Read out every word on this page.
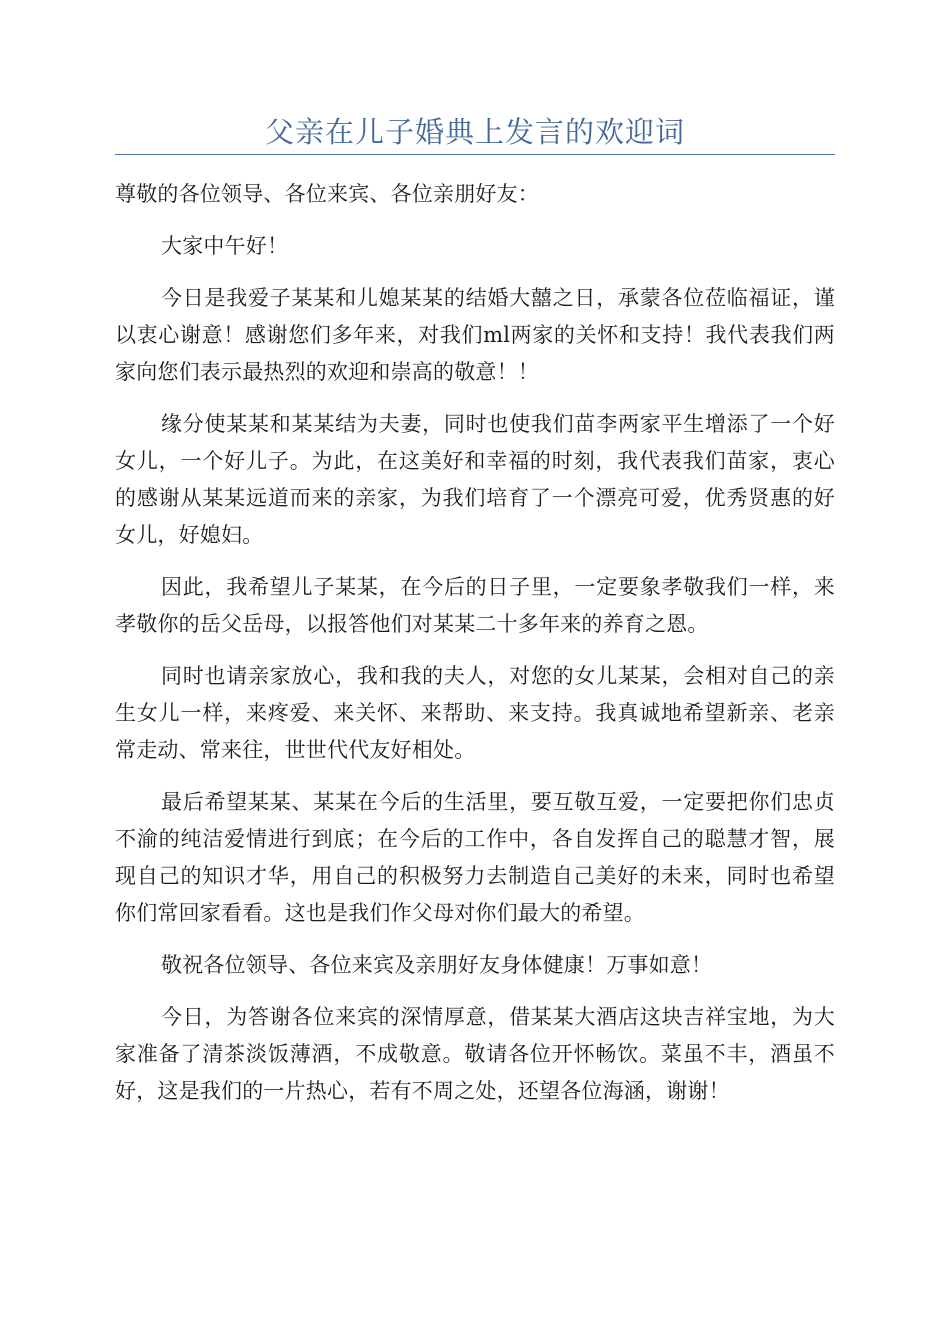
父亲在儿子婚典上发言的欢迎词

尊敬的各位领导、各位来宾、各位亲朋好友：

大家中午好！

今日是我爱子某某和儿媳某某的结婚大囍之日，承蒙各位莅临福证，谨以衷心谢意！感谢您们多年来，对我们ml两家的关怀和支持！我代表我们两家向您们表示最热烈的欢迎和崇高的敬意！！

缘分使某某和某某结为夫妻，同时也使我们苗李两家平生增添了一个好女儿，一个好儿子。为此，在这美好和幸福的时刻，我代表我们苗家，衷心的感谢从某某远道而来的亲家，为我们培育了一个漂亮可爱，优秀贤惠的好女儿，好媳妇。

因此，我希望儿子某某，在今后的日子里，一定要象孝敬我们一样，来孝敬你的岳父岳母，以报答他们对某某二十多年来的养育之恩。

同时也请亲家放心，我和我的夫人，对您的女儿某某，会相对自己的亲生女儿一样，来疼爱、来关怀、来帮助、来支持。我真诚地希望新亲、老亲常走动、常来往，世世代代友好相处。

最后希望某某、某某在今后的生活里，要互敬互爱，一定要把你们忠贞不渝的纯洁爱情进行到底；在今后的工作中，各自发挥自己的聪慧才智，展现自己的知识才华，用自己的积极努力去制造自己美好的未来，同时也希望你们常回家看看。这也是我们作父母对你们最大的希望。

敬祝各位领导、各位来宾及亲朋好友身体健康！万事如意！

今日，为答谢各位来宾的深情厚意，借某某大酒店这块吉祥宝地，为大家准备了清茶淡饭薄酒，不成敬意。敬请各位开怀畅饮。菜虽不丰，酒虽不好，这是我们的一片热心，若有不周之处，还望各位海涵，谢谢！
